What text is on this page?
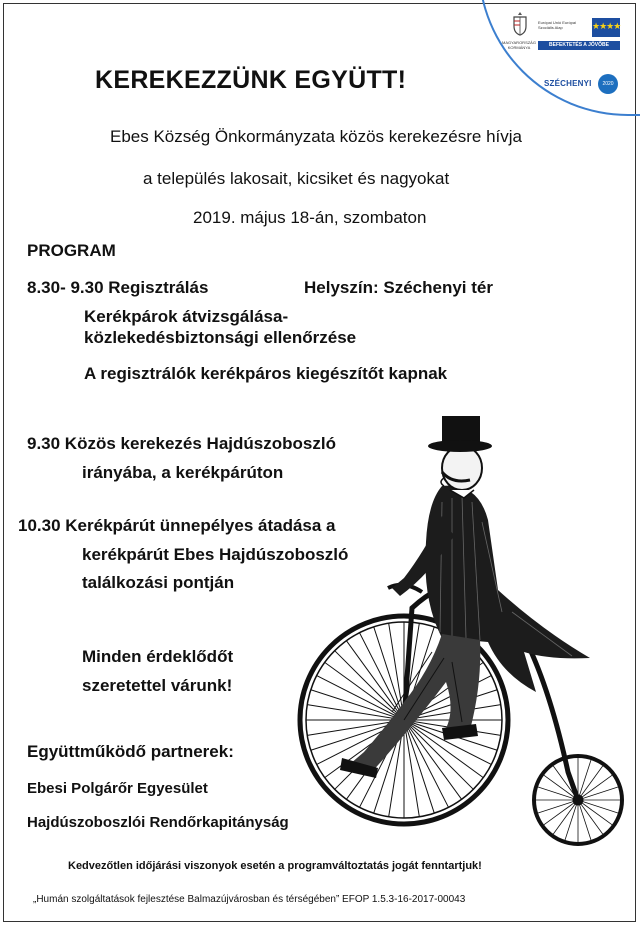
MAGYARORSZÁG KORMÁNYA
Európai Unió Európai Szociális Alap	★★★★
BEFEKTETÉS A JÖVŐBE
SZÉCHENYI	2020
KEREKEZZÜNK EGYÜTT!
Ebes Község Önkormányzata közös kerekezésre hívja
a település lakosait, kicsiket és nagyokat
2019. május 18-án, szombaton
PROGRAM
8.30- 9.30 Regisztrálás	Helyszín: Széchenyi tér
Kerékpárok átvizsgálása-
közlekedésbiztonsági ellenőrzése
A regisztrálók kerékpáros kiegészítőt kapnak
9.30 Közös kerekezés Hajdúszoboszló
irányába, a kerékpárúton
10.30 Kerékpárút ünnepélyes átadása a
kerékpárút Ebes Hajdúszoboszló
találkozási pontján
Minden érdeklődőt
szeretettel várunk!
Együttműködő partnerek:
Ebesi Polgárőr Egyesület
Hajdúszoboszlói Rendőrkapitányság
Kedvezőtlen időjárási viszonyok esetén a programváltoztatás jogát fenntartjuk!
„Humán szolgáltatások fejlesztése Balmazújvárosban és térségében” EFOP 1.5.3-16-2017-00043
